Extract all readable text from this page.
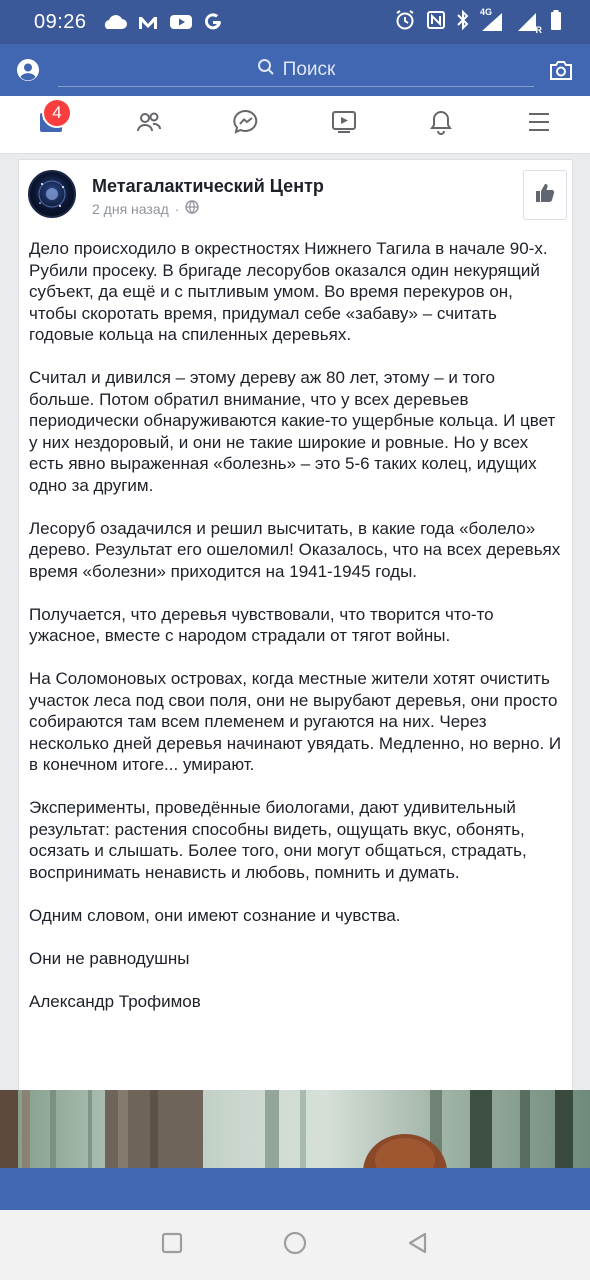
09:26	4G
R
Поиск
4
Метагалактический Центр
2 дня назад ·

Дело происходило в окрестностях Нижнего Тагила в начале 90-х. Рубили просеку. В бригаде лесорубов оказался один некурящий субъект, да ещё и с пытливым умом. Во время перекуров он, чтобы скоротать время, придумал себе «забаву» – считать годовые кольца на спиленных деревьях.

Считал и дивился – этому дереву аж 80 лет, этому – и того больше. Потом обратил внимание, что у всех деревьев периодически обнаруживаются какие-то ущербные кольца. И цвет у них нездоровый, и они не такие широкие и ровные. Но у всех есть явно выраженная «болезнь» – это 5-6 таких колец, идущих одно за другим.

Лесоруб озадачился и решил высчитать, в какие года «болело» дерево. Результат его ошеломил! Оказалось, что на всех деревьях время «болезни» приходится на 1941-1945 годы.

Получается, что деревья чувствовали, что творится что-то ужасное, вместе с народом страдали от тягот войны.

На Соломоновых островах, когда местные жители хотят очистить участок леса под свои поля, они не вырубают деревья, они просто собираются там всем племенем и ругаются на них. Через несколько дней деревья начинают увядать. Медленно, но верно. И в конечном итоге... умирают.

Эксперименты, проведённые биологами, дают удивительный результат: растения способны видеть, ощущать вкус, обонять, осязать и слышать. Более того, они могут общаться, страдать, воспринимать ненависть и любовь, помнить и думать.

Одним словом, они имеют сознание и чувства.

Они не равнодушны

Александр Трофимов
